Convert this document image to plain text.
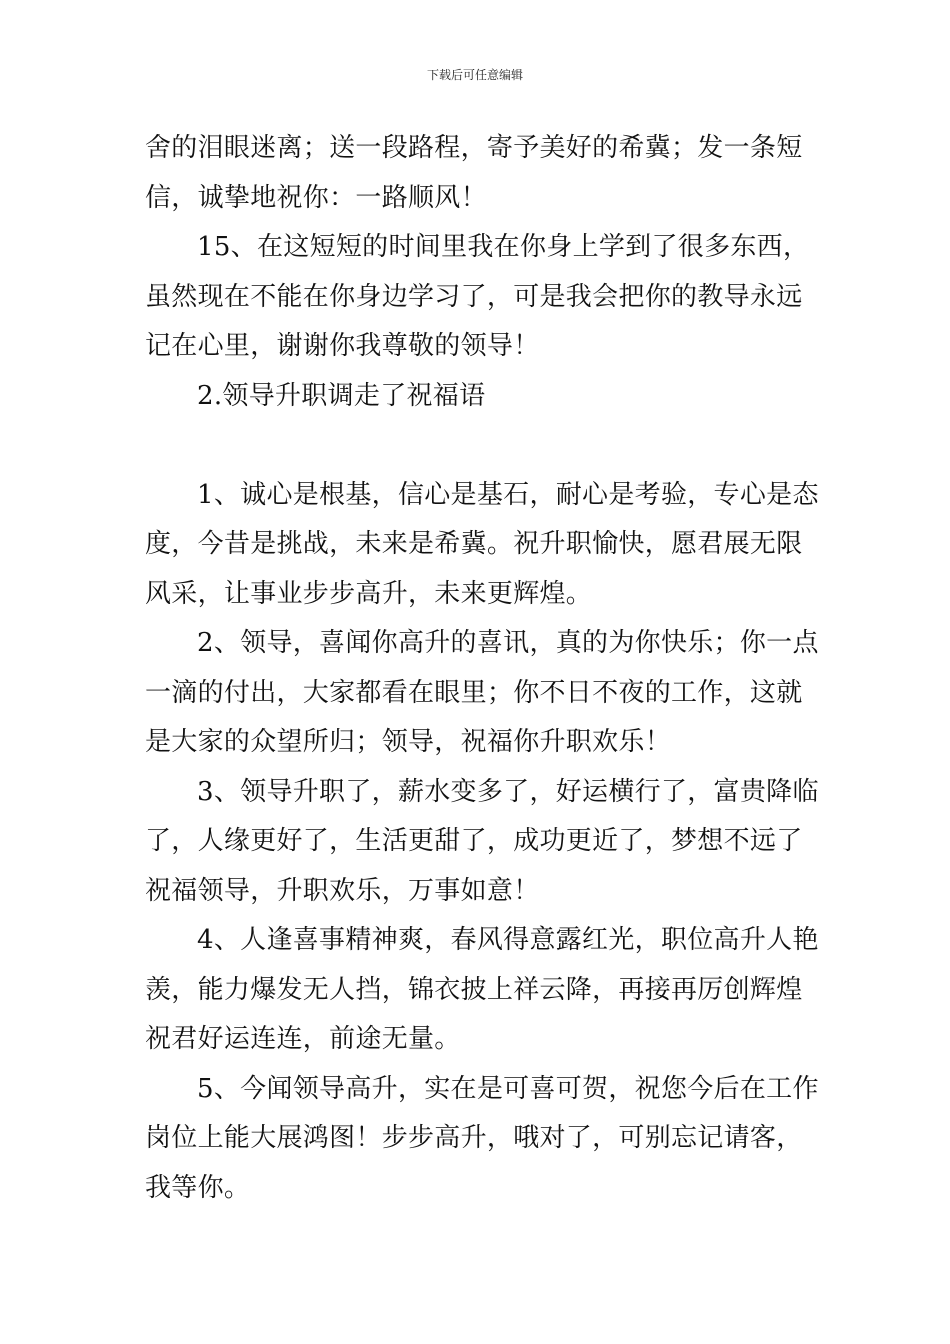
下载后可任意编辑
舍的泪眼迷离；送一段路程，寄予美好的希冀；发一条短
信，诚挚地祝你：一路顺风！
15、在这短短的时间里我在你身上学到了很多东西，
虽然现在不能在你身边学习了，可是我会把你的教导永远
记在心里，谢谢你我尊敬的领导！
2.领导升职调走了祝福语
1、诚心是根基，信心是基石，耐心是考验，专心是态
度，今昔是挑战，未来是希冀。祝升职愉快，愿君展无限
风采，让事业步步高升，未来更辉煌。
2、领导，喜闻你高升的喜讯，真的为你快乐；你一点
一滴的付出，大家都看在眼里；你不日不夜的工作，这就
是大家的众望所归；领导，祝福你升职欢乐！
3、领导升职了，薪水变多了，好运横行了，富贵降临
了，人缘更好了，生活更甜了，成功更近了，梦想不远了
祝福领导，升职欢乐，万事如意！
4、人逢喜事精神爽，春风得意露红光，职位高升人艳
羡，能力爆发无人挡，锦衣披上祥云降，再接再厉创辉煌
祝君好运连连，前途无量。
5、今闻领导高升，实在是可喜可贺，祝您今后在工作
岗位上能大展鸿图！步步高升，哦对了，可别忘记请客，
我等你。
